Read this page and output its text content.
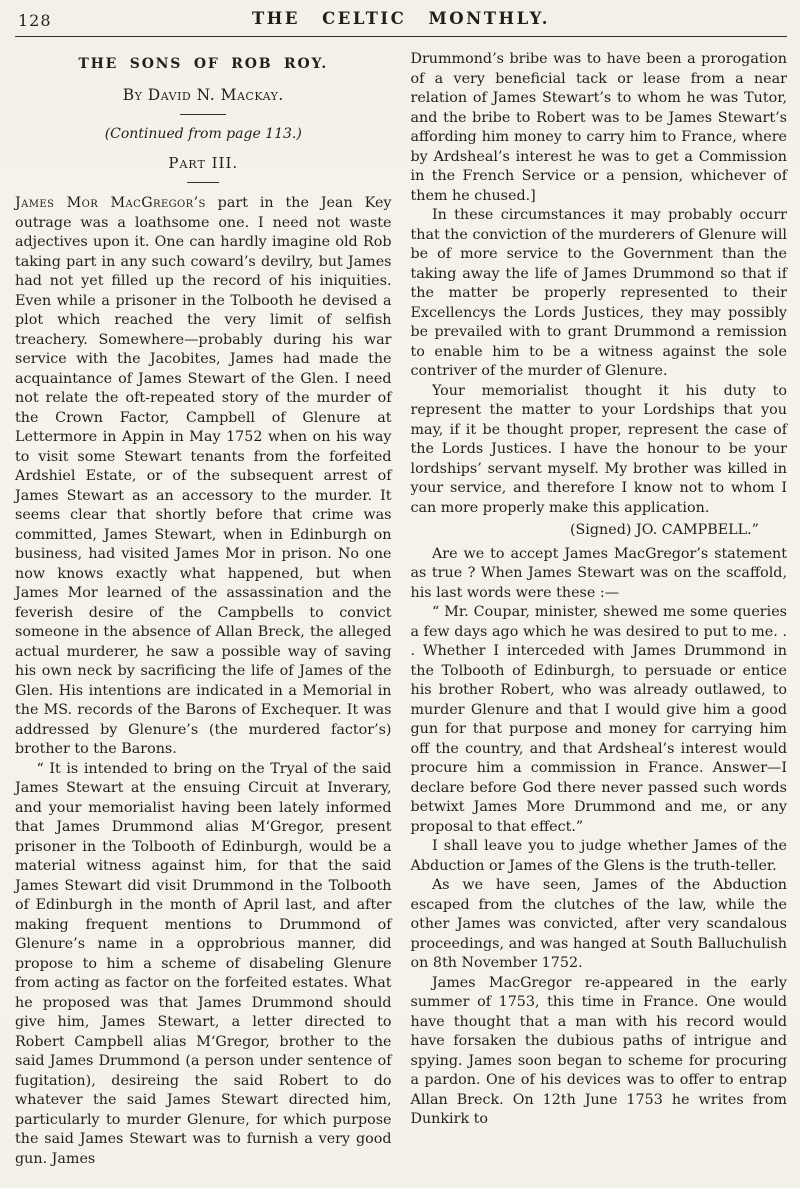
128	THE CELTIC MONTHLY.
THE SONS OF ROB ROY.
By David N. Mackay.
(Continued from page 113.)
Part III.

James Mor MacGregor’s part in the Jean Key outrage was a loathsome one. I need not waste adjectives upon it. One can hardly imagine old Rob taking part in any such coward’s devilry, but James had not yet filled up the record of his iniquities. Even while a prisoner in the Tolbooth he devised a plot which reached the very limit of selfish treachery. Somewhere—probably during his war service with the Jacobites, James had made the acquaintance of James Stewart of the Glen. I need not relate the oft-repeated story of the murder of the Crown Factor, Campbell of Glenure at Lettermore in Appin in May 1752 when on his way to visit some Stewart tenants from the forfeited Ardshiel Estate, or of the subsequent arrest of James Stewart as an accessory to the murder. It seems clear that shortly before that crime was committed, James Stewart, when in Edinburgh on business, had visited James Mor in prison. No one now knows exactly what happened, but when James Mor learned of the assassination and the feverish desire of the Campbells to convict someone in the absence of Allan Breck, the alleged actual murderer, he saw a possible way of saving his own neck by sacrificing the life of James of the Glen. His intentions are indicated in a Memorial in the MS. records of the Barons of Exchequer. It was addressed by Glenure’s (the murdered factor’s) brother to the Barons.

“ It is intended to bring on the Tryal of the said James Stewart at the ensuing Circuit at Inverary, and your memorialist having been lately informed that James Drummond alias M‘Gregor, present prisoner in the Tolbooth of Edinburgh, would be a material witness against him, for that the said James Stewart did visit Drummond in the Tolbooth of Edinburgh in the month of April last, and after making frequent mentions to Drummond of Glenure’s name in a opprobrious manner, did propose to him a scheme of disabeling Glenure from acting as factor on the forfeited estates. What he proposed was that James Drummond should give him, James Stewart, a letter directed to Robert Campbell alias M‘Gregor, brother to the said James Drummond (a person under sentence of fugitation), desireing the said Robert to do whatever the said James Stewart directed him, particularly to murder Glenure, for which purpose the said James Stewart was to furnish a very good gun. James

Drummond’s bribe was to have been a prorogation of a very beneficial tack or lease from a near relation of James Stewart’s to whom he was Tutor, and the bribe to Robert was to be James Stewart’s affording him money to carry him to France, where by Ardsheal’s interest he was to get a Commission in the French Service or a pension, whichever of them he chused.]

In these circumstances it may probably occurr that the conviction of the murderers of Glenure will be of more service to the Government than the taking away the life of James Drummond so that if the matter be properly represented to their Excellencys the Lords Justices, they may possibly be prevailed with to grant Drummond a remission to enable him to be a witness against the sole contriver of the murder of Glenure.

Your memorialist thought it his duty to represent the matter to your Lordships that you may, if it be thought proper, represent the case of the Lords Justices. I have the honour to be your lordships’ servant myself. My brother was killed in your service, and therefore I know not to whom I can more properly make this application.

(Signed) JO. CAMPBELL.”

Are we to accept James MacGregor’s statement as true ? When James Stewart was on the scaffold, his last words were these :—

“ Mr. Coupar, minister, shewed me some queries a few days ago which he was desired to put to me. . . Whether I interceded with James Drummond in the Tolbooth of Edinburgh, to persuade or entice his brother Robert, who was already outlawed, to murder Glenure and that I would give him a good gun for that purpose and money for carrying him off the country, and that Ardsheal’s interest would procure him a commission in France. Answer—I declare before God there never passed such words betwixt James More Drummond and me, or any proposal to that effect.”

I shall leave you to judge whether James of the Abduction or James of the Glens is the truth-teller.

As we have seen, James of the Abduction escaped from the clutches of the law, while the other James was convicted, after very scandalous proceedings, and was hanged at South Balluchulish on 8th November 1752.

James MacGregor re-appeared in the early summer of 1753, this time in France. One would have thought that a man with his record would have forsaken the dubious paths of intrigue and spying. James soon began to scheme for procuring a pardon. One of his devices was to offer to entrap Allan Breck. On 12th June 1753 he writes from Dunkirk to
